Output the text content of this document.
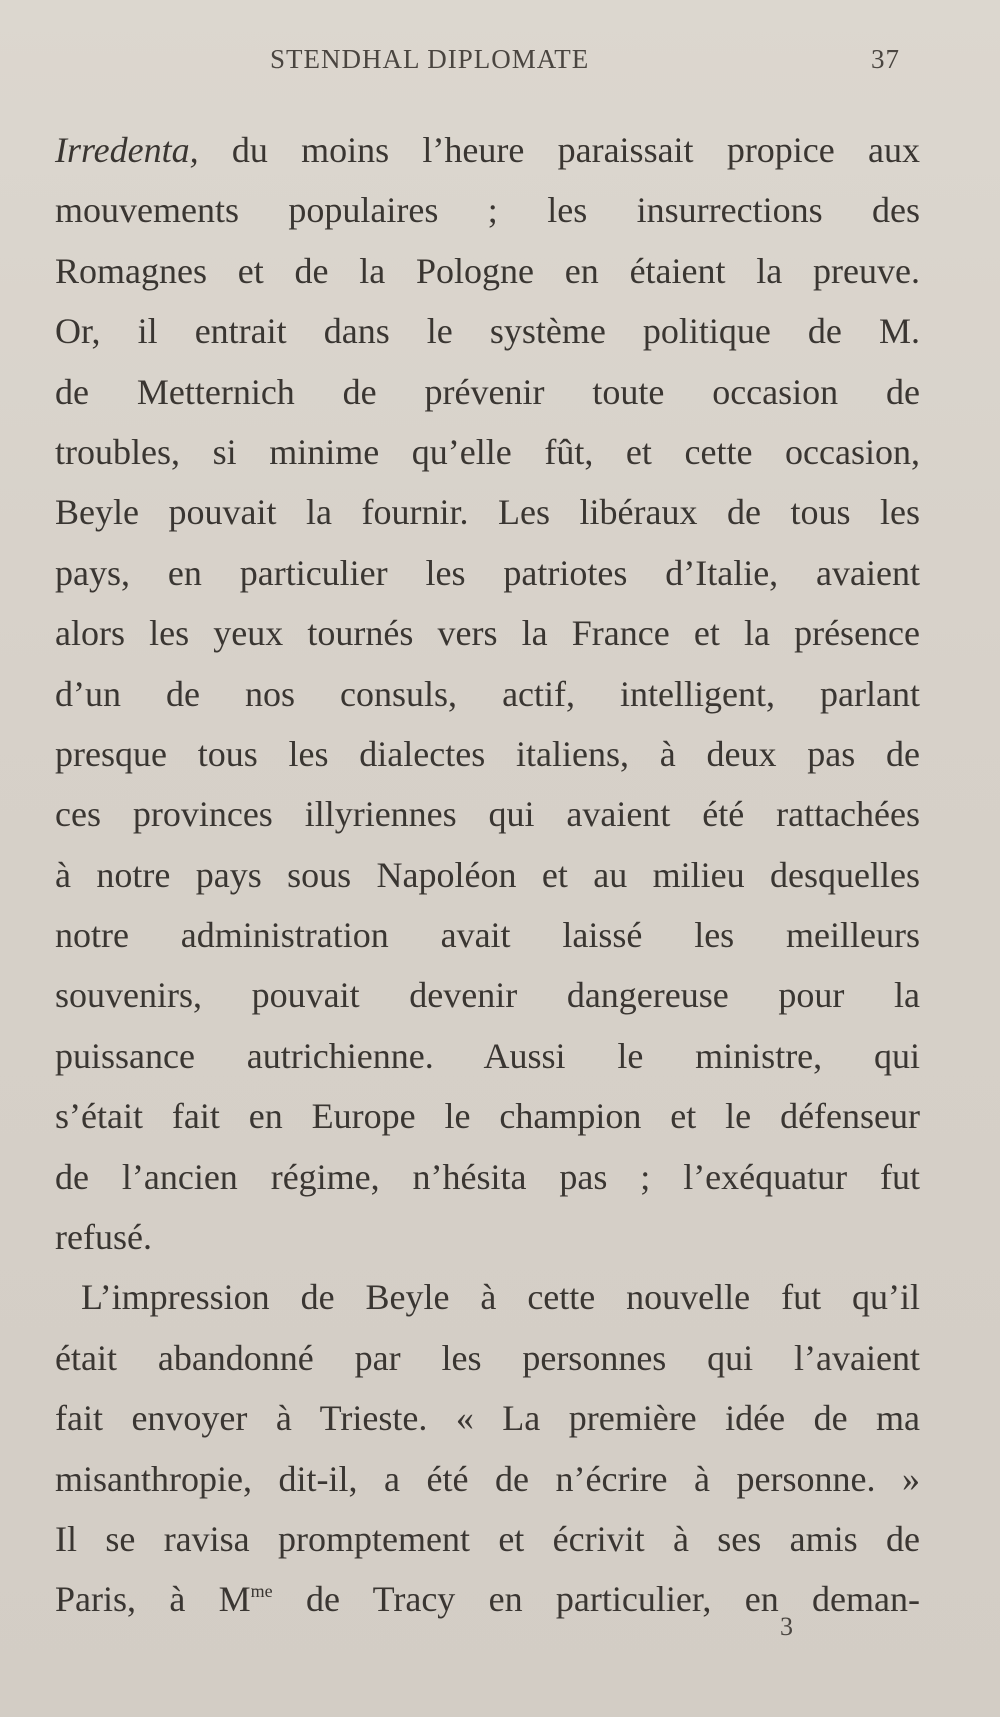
STENDHAL DIPLOMATE	37
Irredenta, du moins l’heure paraissait propice aux
mouvements populaires ; les insurrections des
Romagnes et de la Pologne en étaient la preuve.
Or, il entrait dans le système politique de M.
de Metternich de prévenir toute occasion de
troubles, si minime qu’elle fût, et cette occasion,
Beyle pouvait la fournir. Les libéraux de tous les
pays, en particulier les patriotes d’Italie, avaient
alors les yeux tournés vers la France et la présence
d’un de nos consuls, actif, intelligent, parlant
presque tous les dialectes italiens, à deux pas de
ces provinces illyriennes qui avaient été rattachées
à notre pays sous Napoléon et au milieu desquelles
notre administration avait laissé les meilleurs
souvenirs, pouvait devenir dangereuse pour la
puissance autrichienne. Aussi le ministre, qui
s’était fait en Europe le champion et le défenseur
de l’ancien régime, n’hésita pas ; l’exéquatur fut
refusé.
L’impression de Beyle à cette nouvelle fut qu’il
était abandonné par les personnes qui l’avaient
fait envoyer à Trieste. « La première idée de ma
misanthropie, dit-il, a été de n’écrire à personne. »
Il se ravisa promptement et écrivit à ses amis de
Paris, à $M^{me}$ de Tracy en particulier, en deman-
3
